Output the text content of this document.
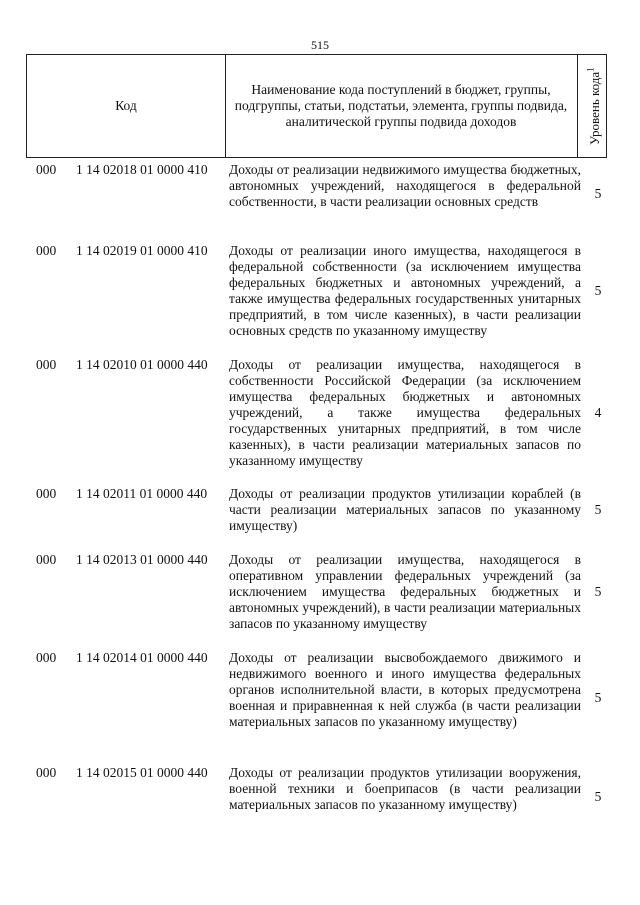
515
Код
Наименование кода поступлений в бюджет, группы, подгруппы, статьи, подстатьи, элемента, группы подвида, аналитической группы подвида доходов	Уровень кода$^1$
000 1 14 02018 01 0000 410 Доходы от реализации недвижимого имущества бюджетных, автономных учреждений, находящегося в федеральной собственности, в части реализации основных средств
5
000 1 14 02019 01 0000 410 Доходы от реализации иного имущества, находящегося в федеральной собственности (за исключением имущества федеральных бюджетных и автономных учреждений, а также имущества федеральных государственных унитарных предприятий, в том числе казенных), в части реализации основных средств по указанному имуществу
5
000 1 14 02010 01 0000 440 Доходы от реализации имущества, находящегося в собственности Российской Федерации (за исключением имущества федеральных бюджетных и автономных учреждений, а также имущества федеральных государственных унитарных предприятий, в том числе казенных), в части реализации материальных запасов по указанному имуществу
4
000 1 14 02011 01 0000 440 Доходы от реализации продуктов утилизации кораблей (в части реализации материальных запасов по указанному имуществу)
5
000 1 14 02013 01 0000 440 Доходы от реализации имущества, находящегося в оперативном управлении федеральных учреждений (за исключением имущества федеральных бюджетных и автономных учреждений), в части реализации материальных запасов по указанному имуществу
5
000 1 14 02014 01 0000 440 Доходы от реализации высвобождаемого движимого и недвижимого военного и иного имущества федеральных органов исполнительной власти, в которых предусмотрена военная и приравненная к ней служба (в части реализации материальных запасов по указанному имуществу)
5
000 1 14 02015 01 0000 440 Доходы от реализации продуктов утилизации вооружения, военной техники и боеприпасов (в части реализации материальных запасов по указанному имуществу)
5
